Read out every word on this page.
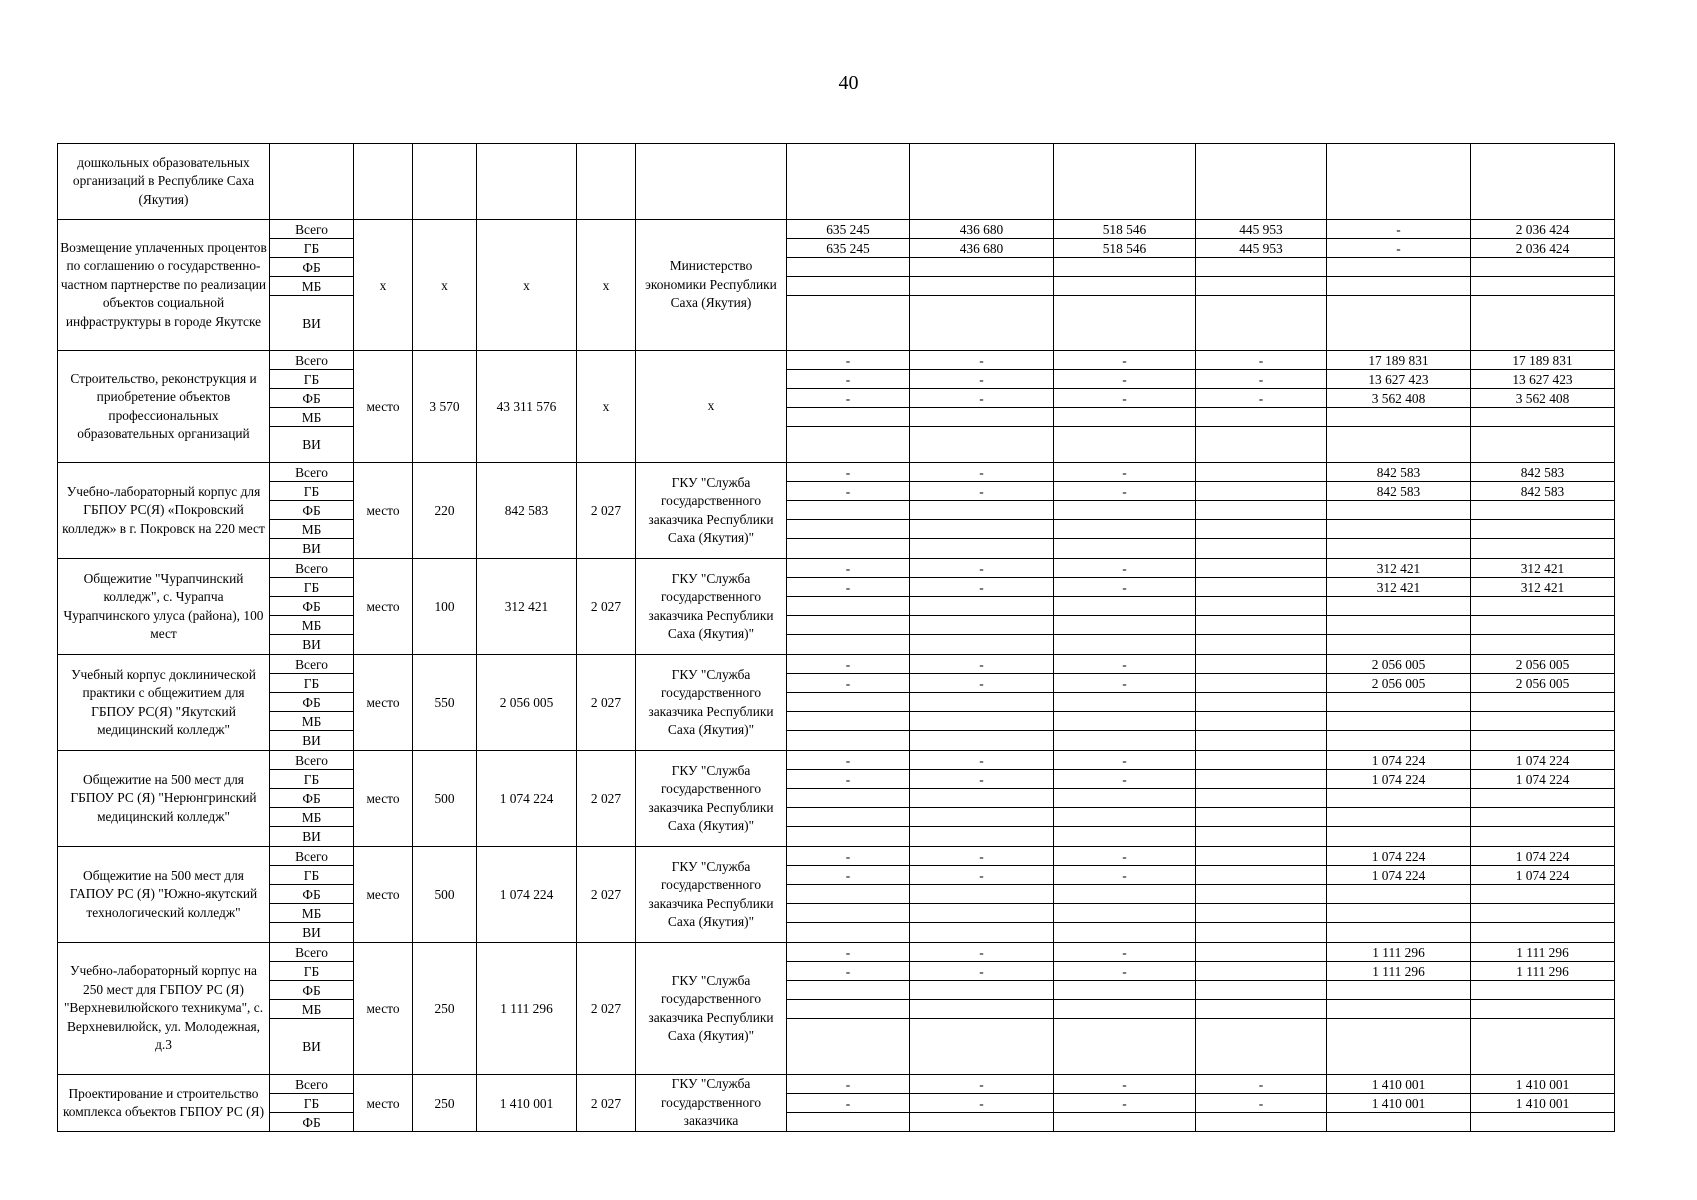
40
дошкольных образовательных организаций в Республике Саха (Якутия)												
Возмещение уплаченных процентов по соглашению о государственно-частном партнерстве по реализации объектов социальной инфраструктуры в городе Якутске	Всего	х	х	х	х	Министерство экономики Республики Саха (Якутия)	635 245	436 680	518 546	445 953	-	2 036 424
	ГБ						635 245	436 680	518 546	445 953	-	2 036 424
	ФБ											
	МБ											
	ВИ											
Строительство, реконструкция и приобретение объектов профессиональных образовательных организаций	Всего	место	3 570	43 311 576	х	х	-	-	-	-	17 189 831	17 189 831
	ГБ						-	-	-	-	13 627 423	13 627 423
	ФБ						-	-	-	-	3 562 408	3 562 408
	МБ											
	ВИ											
Учебно-лабораторный корпус для ГБПОУ РС(Я) «Покровский колледж» в г. Покровск на 220 мест	Всего	место	220	842 583	2 027	ГКУ "Служба государственного заказчика Республики Саха (Якутия)"	-	-	-		842 583	842 583
	ГБ						-	-	-		842 583	842 583
	ФБ											
	МБ											
	ВИ											
Общежитие "Чурапчинский колледж", с. Чурапча Чурапчинского улуса (района), 100 мест	Всего	место	100	312 421	2 027	ГКУ "Служба государственного заказчика Республики Саха (Якутия)"	-	-	-		312 421	312 421
	ГБ						-	-	-		312 421	312 421
	ФБ											
	МБ											
	ВИ											
Учебный корпус доклинической практики с общежитием для ГБПОУ РС(Я) "Якутский медицинский колледж"	Всего	место	550	2 056 005	2 027	ГКУ "Служба государственного заказчика Республики Саха (Якутия)"	-	-	-		2 056 005	2 056 005
	ГБ						-	-	-		2 056 005	2 056 005
	ФБ											
	МБ											
	ВИ											
Общежитие на 500 мест для ГБПОУ РС (Я) "Нерюнгринский медицинский колледж"	Всего	место	500	1 074 224	2 027	ГКУ "Служба государственного заказчика Республики Саха (Якутия)"	-	-	-		1 074 224	1 074 224
	ГБ						-	-	-		1 074 224	1 074 224
	ФБ											
	МБ											
	ВИ											
Общежитие на 500 мест для ГАПОУ РС (Я) "Южно-якутский технологический колледж"	Всего	место	500	1 074 224	2 027	ГКУ "Служба государственного заказчика Республики Саха (Якутия)"	-	-	-		1 074 224	1 074 224
	ГБ						-	-	-		1 074 224	1 074 224
	ФБ											
	МБ											
	ВИ											
Учебно-лабораторный корпус на 250 мест для ГБПОУ РС (Я) "Верхневилюйского техникума", с. Верхневилюйск, ул. Молодежная, д.3	Всего	место	250	1 111 296	2 027	ГКУ "Служба государственного заказчика Республики Саха (Якутия)"	-	-	-		1 111 296	1 111 296
	ГБ						-	-	-		1 111 296	1 111 296
	ФБ											
	МБ											
	ВИ											
Проектирование и строительство комплекса объектов ГБПОУ РС (Я)	Всего	место	250	1 410 001	2 027	ГКУ "Служба государственного заказчика	-	-	-	-	1 410 001	1 410 001
	ГБ						-	-	-	-	1 410 001	1 410 001
	ФБ											
